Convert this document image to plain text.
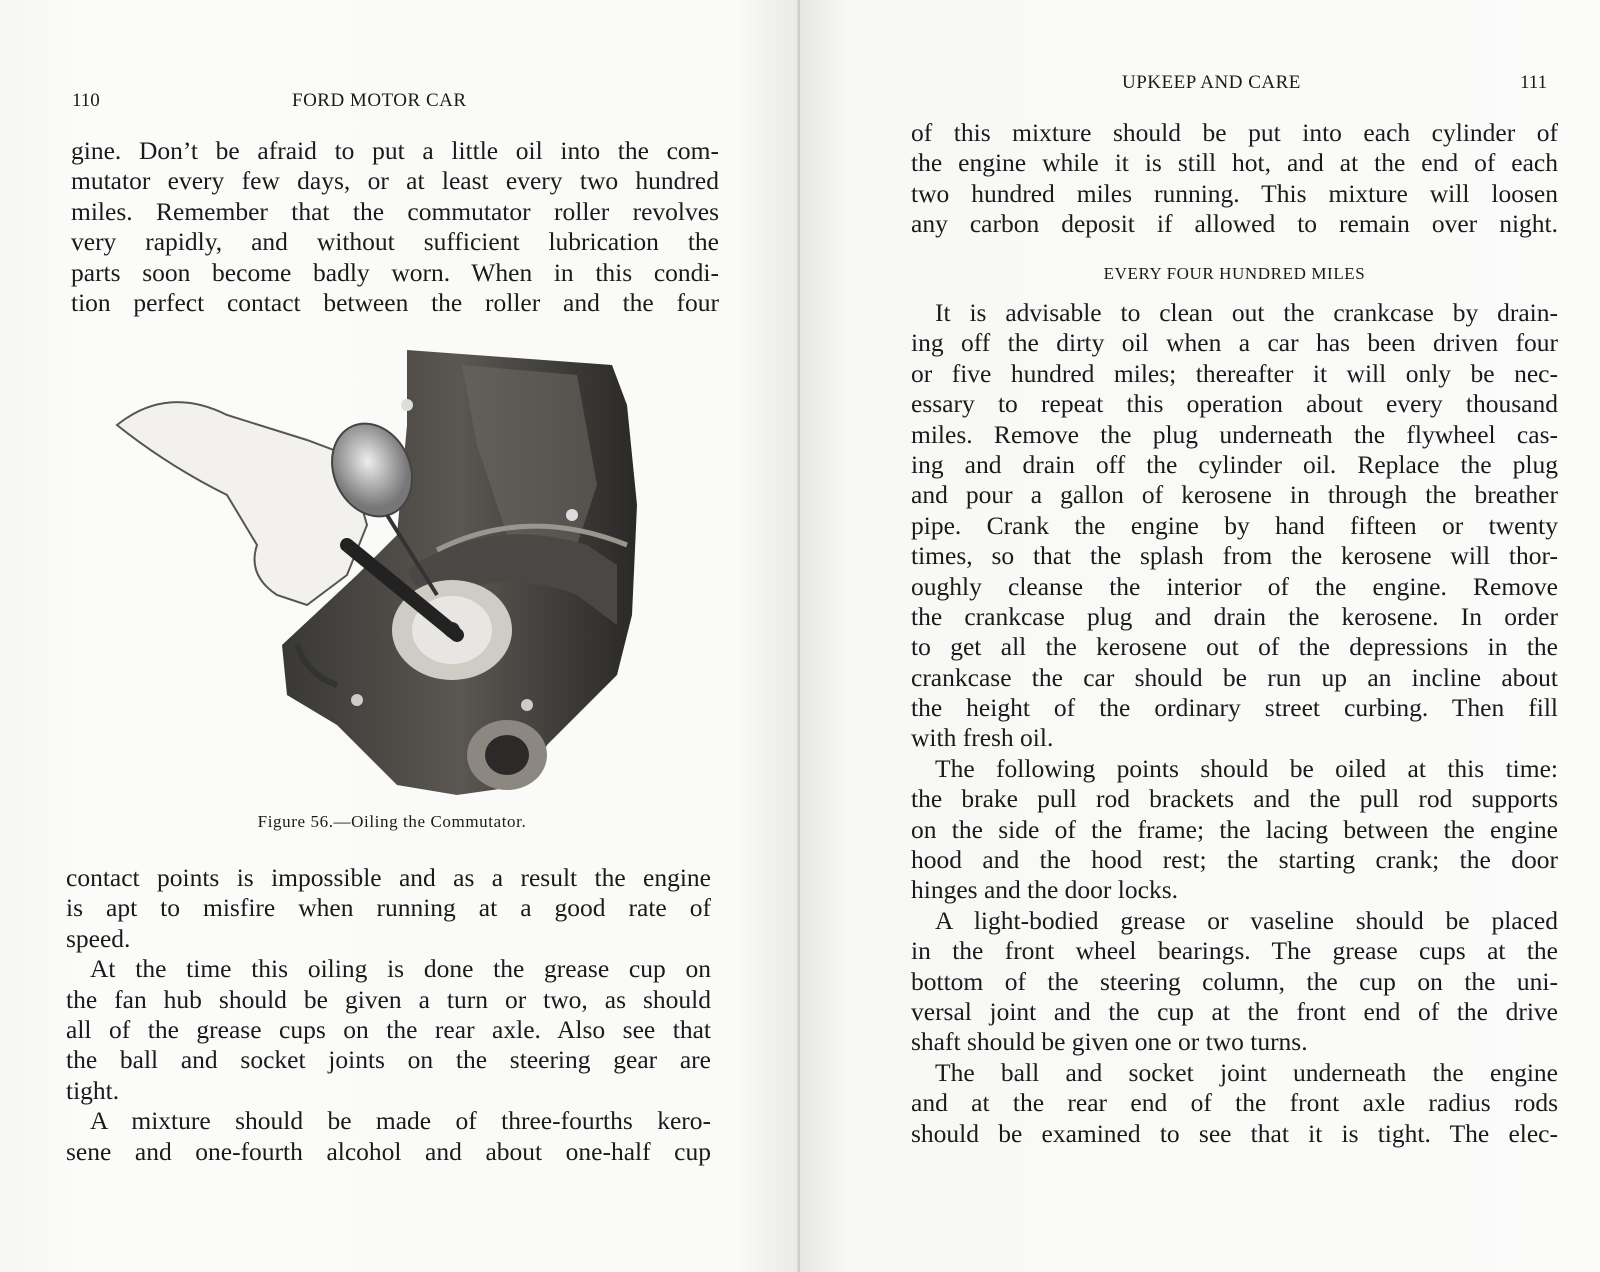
110	FORD MOTOR CAR
gine. Don’t be afraid to put a little oil into the com-
mutator every few days, or at least every two hundred
miles. Remember that the commutator roller revolves
very rapidly, and without sufficient lubrication the
parts soon become badly worn. When in this condi-
tion perfect contact between the roller and the four
Figure 56.—Oiling the Commutator.
contact points is impossible and as a result the engine
is apt to misfire when running at a good rate of
speed.
At the time this oiling is done the grease cup on
the fan hub should be given a turn or two, as should
all of the grease cups on the rear axle. Also see that
the ball and socket joints on the steering gear are
tight.
A mixture should be made of three-fourths kero-
sene and one-fourth alcohol and about one-half cup
UPKEEP AND CARE	111
of this mixture should be put into each cylinder of
the engine while it is still hot, and at the end of each
two hundred miles running. This mixture will loosen
any carbon deposit if allowed to remain over night.
EVERY FOUR HUNDRED MILES
It is advisable to clean out the crankcase by drain-
ing off the dirty oil when a car has been driven four
or five hundred miles; thereafter it will only be nec-
essary to repeat this operation about every thousand
miles. Remove the plug underneath the flywheel cas-
ing and drain off the cylinder oil. Replace the plug
and pour a gallon of kerosene in through the breather
pipe. Crank the engine by hand fifteen or twenty
times, so that the splash from the kerosene will thor-
oughly cleanse the interior of the engine. Remove
the crankcase plug and drain the kerosene. In order
to get all the kerosene out of the depressions in the
crankcase the car should be run up an incline about
the height of the ordinary street curbing. Then fill
with fresh oil.
The following points should be oiled at this time:
the brake pull rod brackets and the pull rod supports
on the side of the frame; the lacing between the engine
hood and the hood rest; the starting crank; the door
hinges and the door locks.
A light-bodied grease or vaseline should be placed
in the front wheel bearings. The grease cups at the
bottom of the steering column, the cup on the uni-
versal joint and the cup at the front end of the drive
shaft should be given one or two turns.
The ball and socket joint underneath the engine
and at the rear end of the front axle radius rods
should be examined to see that it is tight. The elec-
